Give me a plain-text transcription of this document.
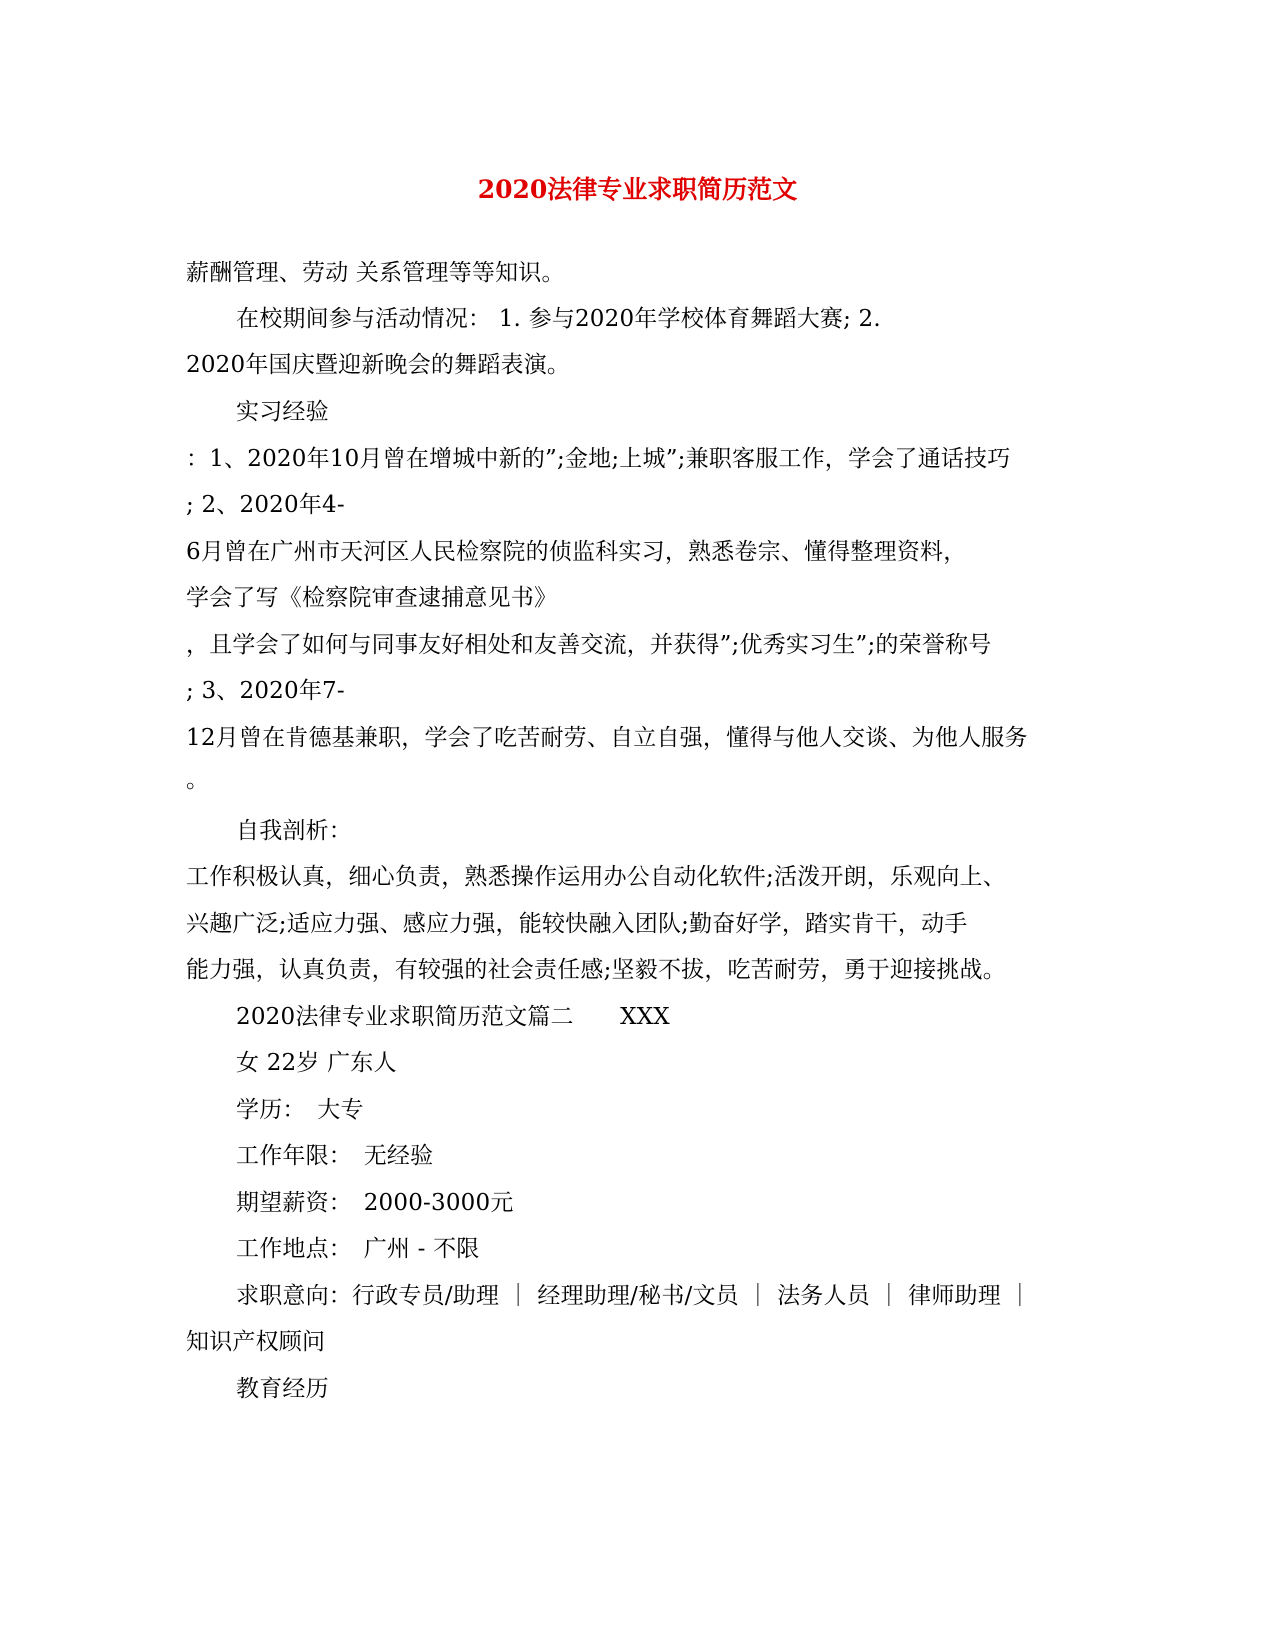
2020法律专业求职简历范文
薪酬管理、劳动 关系管理等等知识。
在校期间参与活动情况： 1. 参与2020年学校体育舞蹈大赛; 2.
2020年国庆暨迎新晚会的舞蹈表演。
实习经验
：1、2020年10月曾在增城中新的”;金地;上城”;兼职客服工作，学会了通话技巧
; 2、2020年4-
6月曾在广州市天河区人民检察院的侦监科实习，熟悉卷宗、懂得整理资料，
学会了写《检察院审查逮捕意见书》
，且学会了如何与同事友好相处和友善交流，并获得”;优秀实习生”;的荣誉称号
; 3、2020年7-
12月曾在肯德基兼职，学会了吃苦耐劳、自立自强，懂得与他人交谈、为他人服务
。
自我剖析：
工作积极认真，细心负责，熟悉操作运用办公自动化软件;活泼开朗，乐观向上、
兴趣广泛;适应力强、感应力强，能较快融入团队;勤奋好学，踏实肯干，动手
能力强，认真负责，有较强的社会责任感;坚毅不拔，吃苦耐劳，勇于迎接挑战。
2020法律专业求职简历范文篇二　　XXX
女 22岁 广东人
学历：　大专
工作年限：　无经验
期望薪资：　2000-3000元
工作地点：　广州 - 不限
求职意向：行政专员/助理 ｜ 经理助理/秘书/文员 ｜ 法务人员 ｜ 律师助理 ｜
知识产权顾问
教育经历
